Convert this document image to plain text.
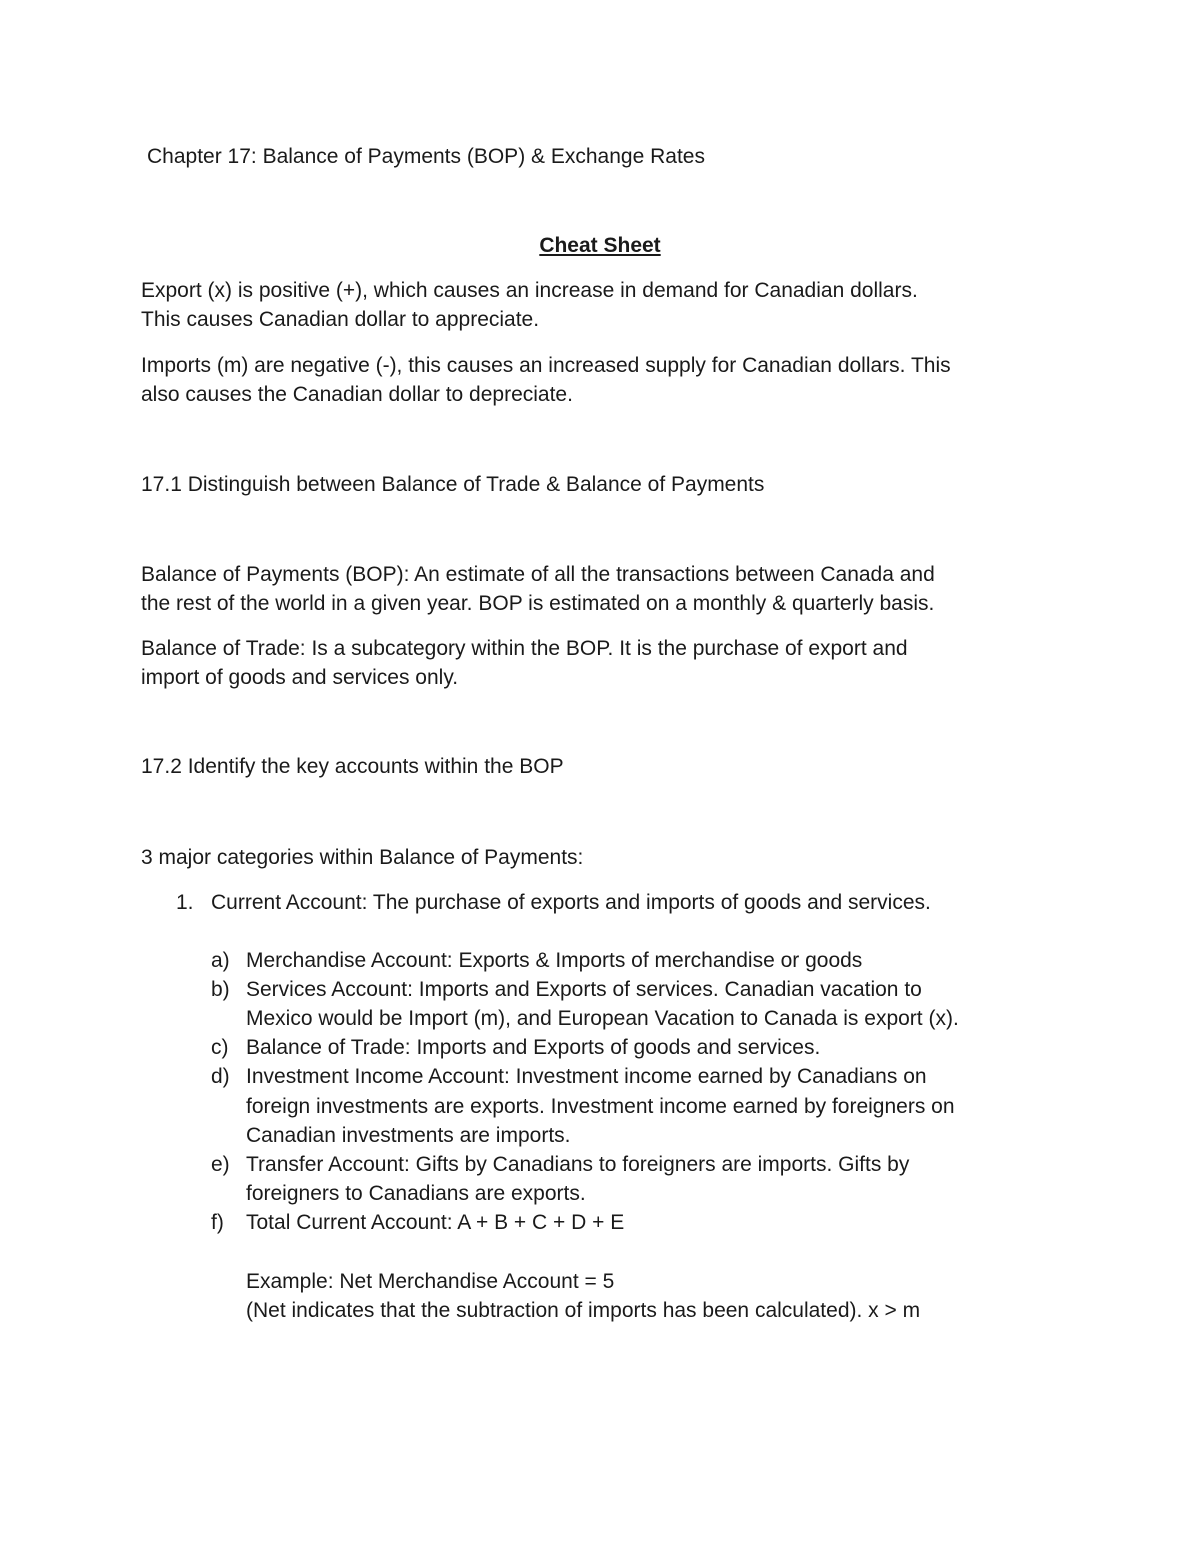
Chapter 17: Balance of Payments (BOP) & Exchange Rates
Cheat Sheet
Export (x) is positive (+), which causes an increase in demand for Canadian dollars.
This causes Canadian dollar to appreciate.
Imports (m) are negative (-), this causes an increased supply for Canadian dollars. This
also causes the Canadian dollar to depreciate.
17.1 Distinguish between Balance of Trade & Balance of Payments
Balance of Payments (BOP): An estimate of all the transactions between Canada and
the rest of the world in a given year. BOP is estimated on a monthly & quarterly basis.
Balance of Trade: Is a subcategory within the BOP. It is the purchase of export and
import of goods and services only.
17.2 Identify the key accounts within the BOP
3 major categories within Balance of Payments:
1. Current Account: The purchase of exports and imports of goods and services.
a) Merchandise Account: Exports & Imports of merchandise or goods
b) Services Account: Imports and Exports of services. Canadian vacation to
Mexico would be Import (m), and European Vacation to Canada is export (x).
c) Balance of Trade: Imports and Exports of goods and services.
d) Investment Income Account: Investment income earned by Canadians on
foreign investments are exports. Investment income earned by foreigners on
Canadian investments are imports.
e) Transfer Account: Gifts by Canadians to foreigners are imports. Gifts by
foreigners to Canadians are exports.
f) Total Current Account: A + B + C + D + E
Example: Net Merchandise Account = 5
(Net indicates that the subtraction of imports has been calculated). x > m
